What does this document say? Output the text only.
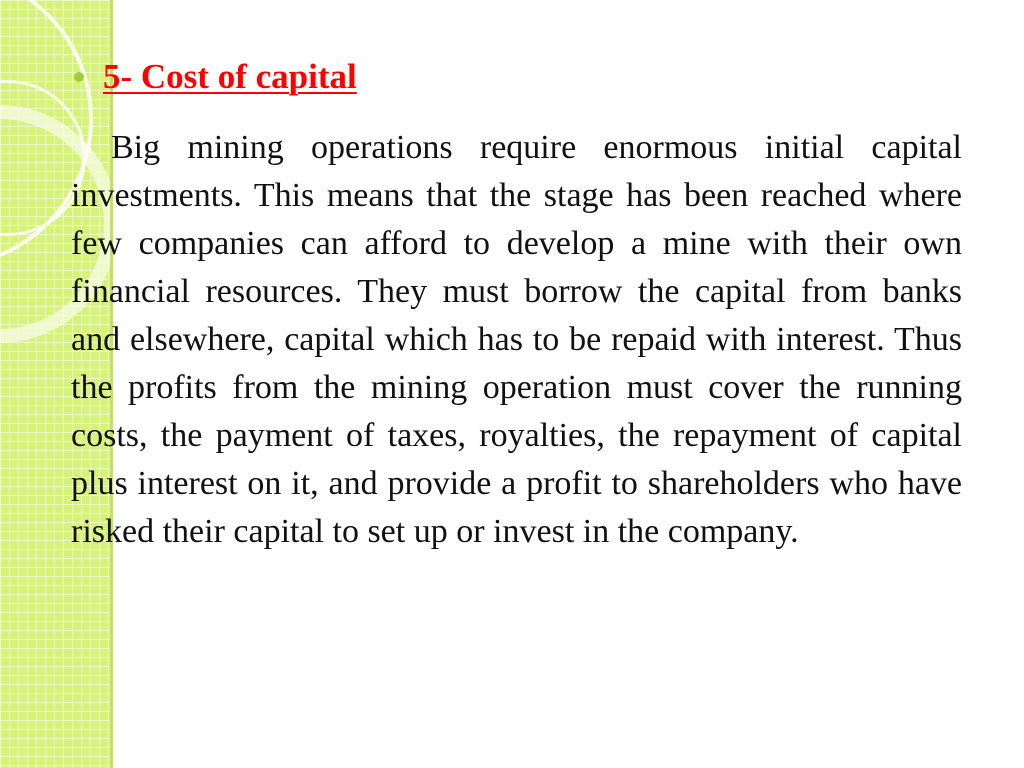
5- Cost of capital

Big mining operations require enormous initial capital investments. This means that the stage has been reached where few companies can afford to develop a mine with their own financial resources. They must borrow the capital from banks and elsewhere, capital which has to be repaid with interest. Thus the profits from the mining operation must cover the running costs, the payment of taxes, royalties, the repayment of capital plus interest on it, and provide a profit to shareholders who have risked their capital to set up or invest in the company.
